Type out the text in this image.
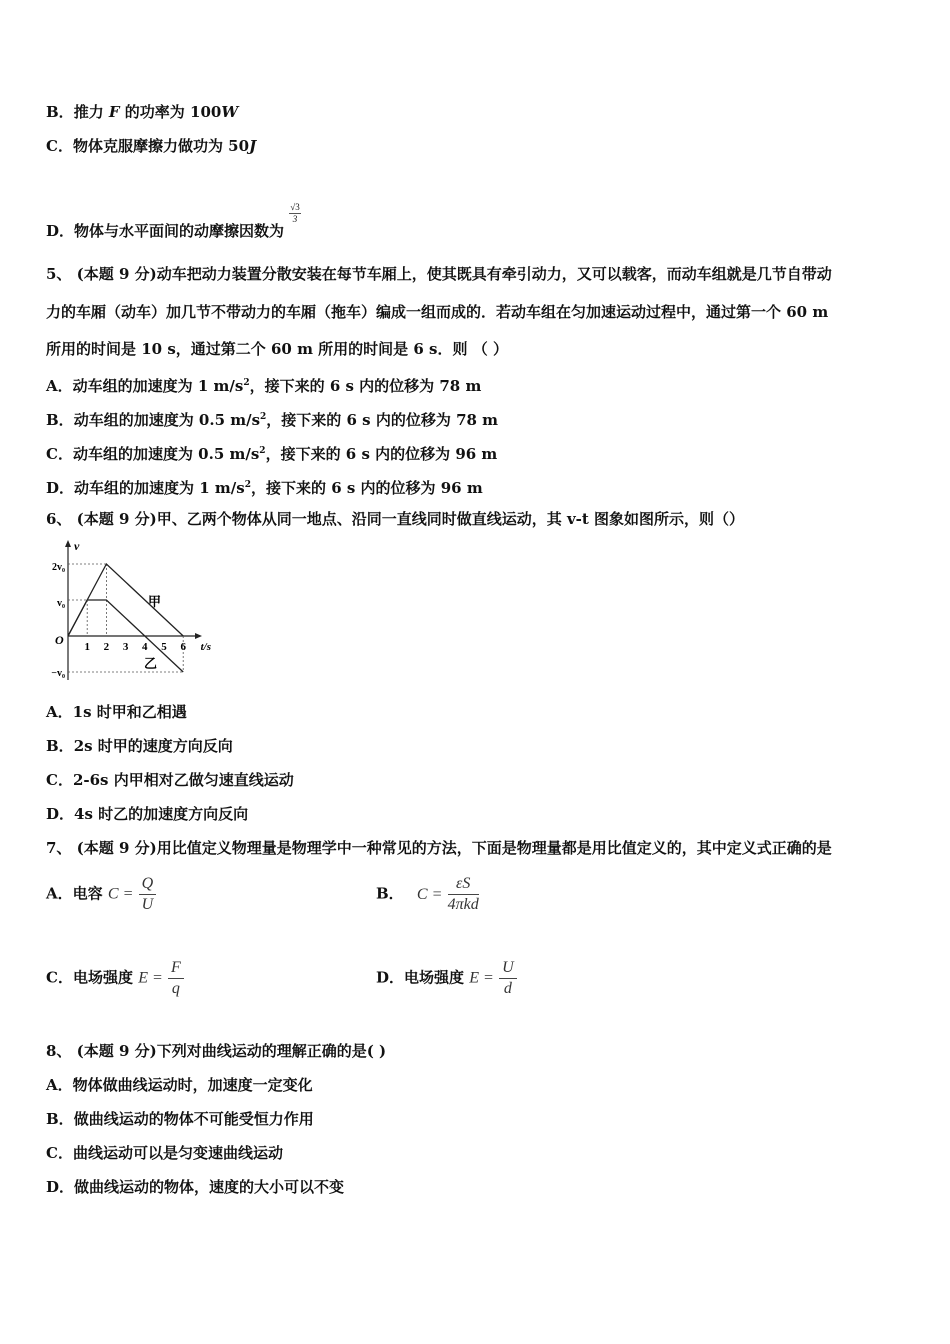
B．推力 F 的功率为 100W
C．物体克服摩擦力做功为 50J
D．物体与水平面间的动摩擦因数为
$\frac{√3}{3}$
5、 (本题 9 分)动车把动力装置分散安装在每节车厢上，使其既具有牵引动力，又可以载客，而动车组就是几节自带动
力的车厢（动车）加几节不带动力的车厢（拖车）编成一组而成的．若动车组在匀加速运动过程中，通过第一个 60 m
所用的时间是 10 s，通过第二个 60 m 所用的时间是 6 s．则 （ ）
A．动车组的加速度为 1 $m/s^2$，接下来的 6 s 内的位移为 78 m
B．动车组的加速度为 0.5 $m/s^2$，接下来的 6 s 内的位移为 78 m
C．动车组的加速度为 0.5 $m/s^2$，接下来的 6 s 内的位移为 96 m
D．动车组的加速度为 1 $m/s^2$，接下来的 6 s 内的位移为 96 m
6、 (本题 9 分)甲、乙两个物体从同一地点、沿同一直线同时做直线运动，其 v-t 图象如图所示，则（）
v
t/s
O
2v₀
v₀
−v₀
1 2 3 4 5 6
甲
乙
A．1s 时甲和乙相遇
B．2s 时甲的速度方向反向
C．2-6s 内甲相对乙做匀速直线运动
D．4s 时乙的加速度方向反向
7、 (本题 9 分)用比值定义物理量是物理学中一种常见的方法，下面是物理量都是用比值定义的，其中定义式正确的是
A．电容 $C = \frac{Q}{U}$	B． $C = \frac{\varepsilon S}{\text{4πkd}}$
C．电场强度 $E = \frac{F}{q}$	D．电场强度 $E = \frac{U}{d}$
8、 (本题 9 分)下列对曲线运动的理解正确的是( )
A．物体做曲线运动时，加速度一定变化
B．做曲线运动的物体不可能受恒力作用
C．曲线运动可以是匀变速曲线运动
D．做曲线运动的物体，速度的大小可以不变
